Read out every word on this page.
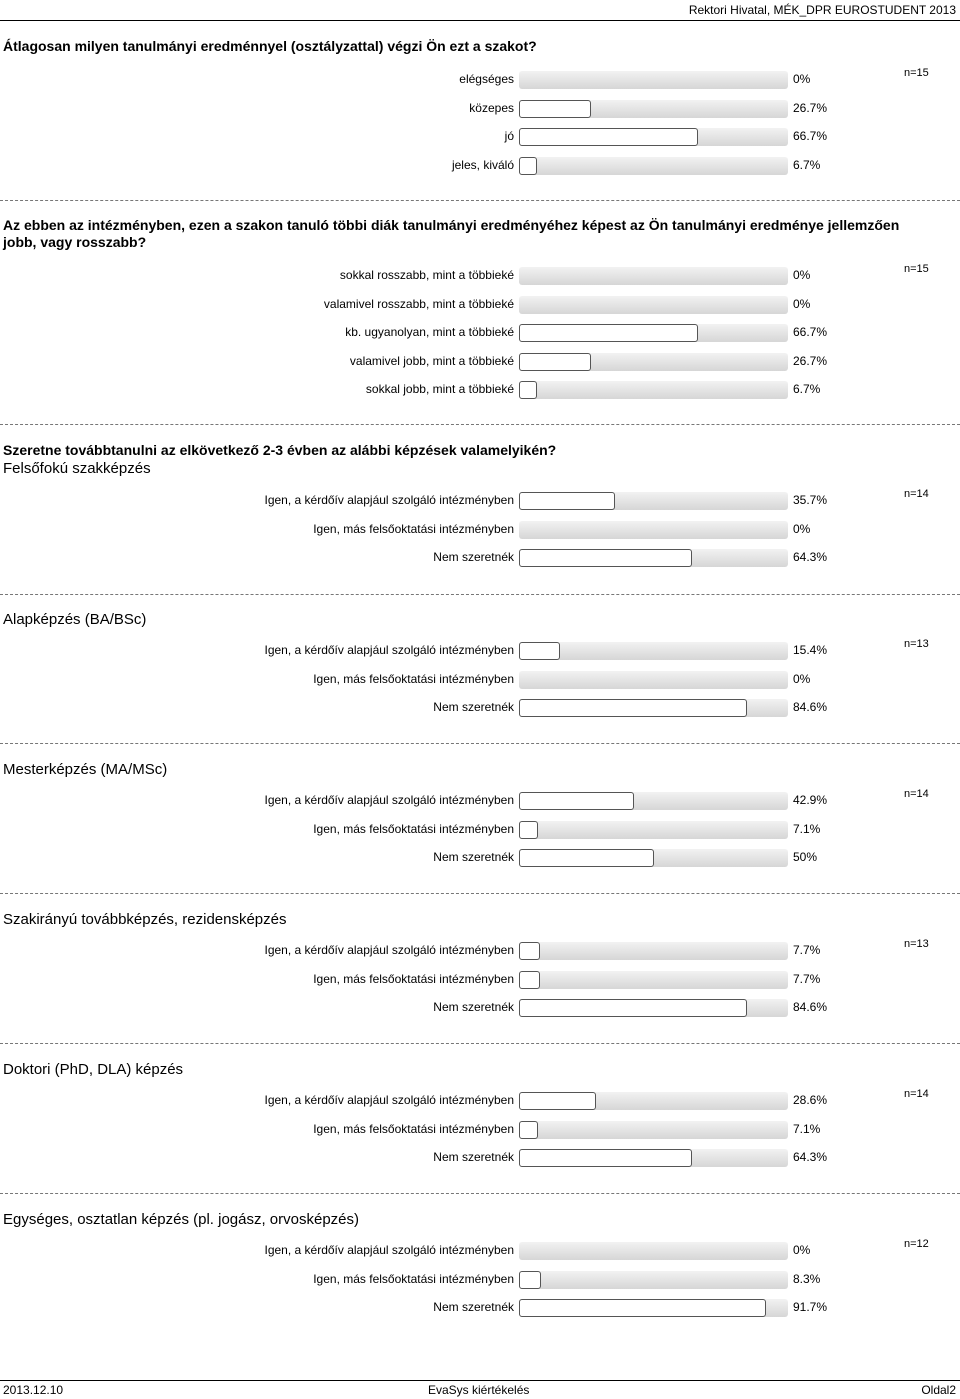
Rektori Hivatal, MÉK_DPR EUROSTUDENT 2013
Átlagosan milyen tanulmányi eredménnyel (osztályzattal) végzi Ön ezt a szakot?
Az ebben az intézményben, ezen a szakon tanuló többi diák tanulmányi eredményéhez képest az Ön tanulmányi eredménye jellemzően jobb, vagy rosszabb?
Szeretne továbbtanulni az elkövetkező 2-3 évben az alábbi képzések valamelyikén?
n=15
elégséges	0%
közepes	26.7%
jó	66.7%
jeles, kiváló	6.7%
n=15
sokkal rosszabb, mint a többieké	0%
valamivel rosszabb, mint a többieké	0%
kb. ugyanolyan, mint a többieké	66.7%
valamivel jobb, mint a többieké	26.7%
sokkal jobb, mint a többieké	6.7%
Felsőfokú szakképzés
n=14
Igen, a kérdőív alapjául szolgáló intézményben	35.7%
Igen, más felsőoktatási intézményben	0%
Nem szeretnék	64.3%
Alapképzés (BA/BSc)
n=13
Igen, a kérdőív alapjául szolgáló intézményben	15.4%
Igen, más felsőoktatási intézményben	0%
Nem szeretnék	84.6%
Mesterképzés (MA/MSc)
n=14
Igen, a kérdőív alapjául szolgáló intézményben	42.9%
Igen, más felsőoktatási intézményben	7.1%
Nem szeretnék	50%
Szakirányú továbbképzés, rezidensképzés
n=13
Igen, a kérdőív alapjául szolgáló intézményben	7.7%
Igen, más felsőoktatási intézményben	7.7%
Nem szeretnék	84.6%
Doktori (PhD, DLA) képzés
n=14
Igen, a kérdőív alapjául szolgáló intézményben	28.6%
Igen, más felsőoktatási intézményben	7.1%
Nem szeretnék	64.3%
Egységes, osztatlan képzés (pl. jogász, orvosképzés)
n=12
Igen, a kérdőív alapjául szolgáló intézményben	0%
Igen, más felsőoktatási intézményben	8.3%
Nem szeretnék	91.7%
2013.12.10	EvaSys kiértékelés	Oldal2
